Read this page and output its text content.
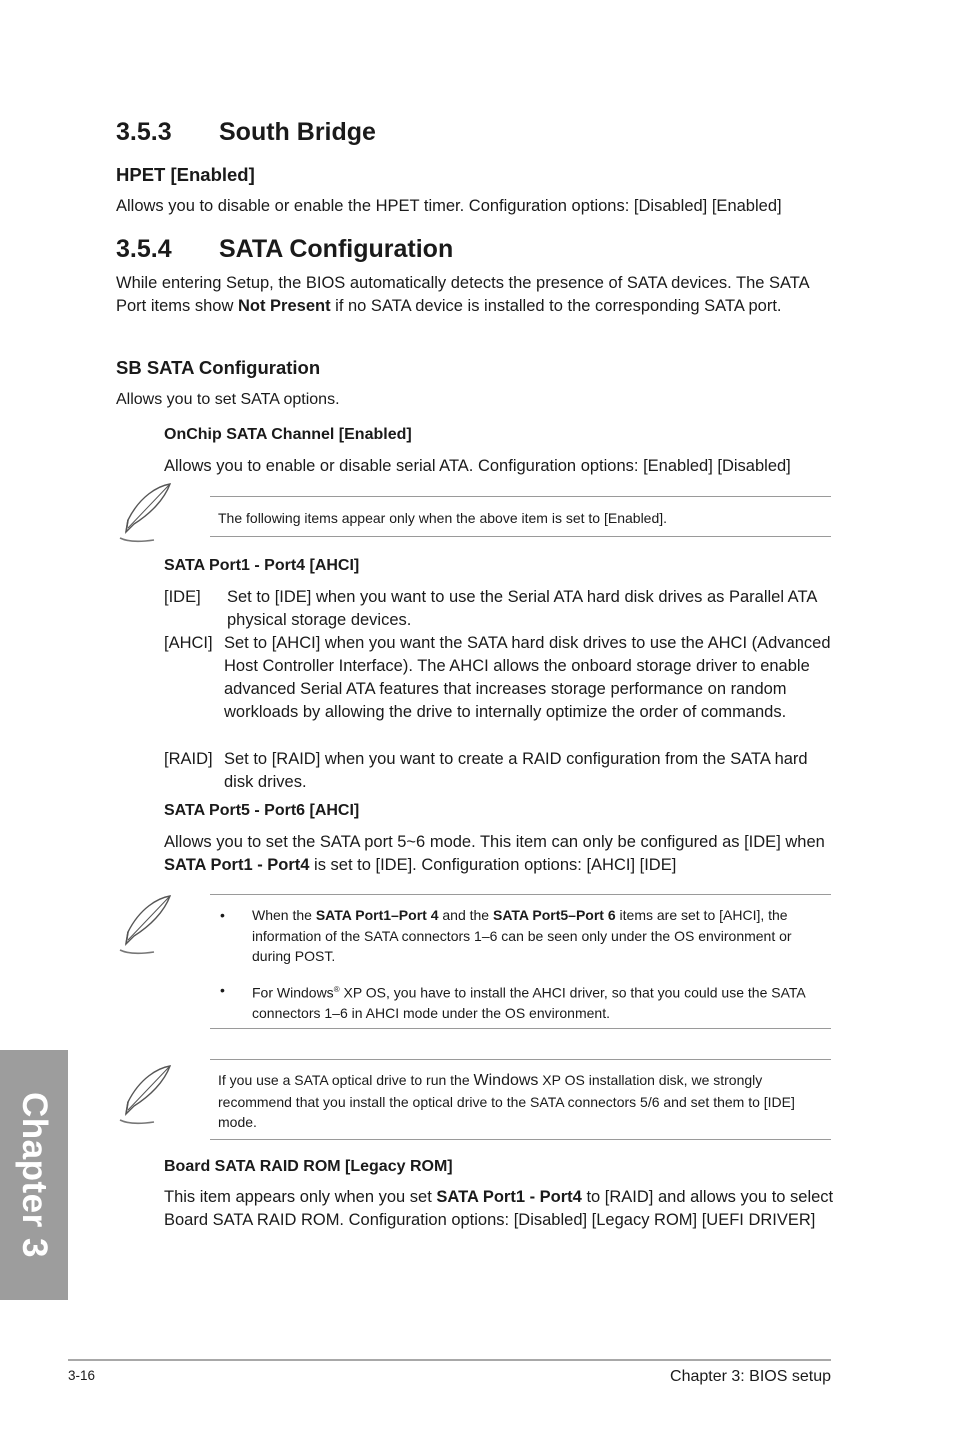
3.5.3 South Bridge
HPET [Enabled]

Allows you to disable or enable the HPET timer. Configuration options: [Disabled] [Enabled]

3.5.4 SATA Configuration

While entering Setup, the BIOS automatically detects the presence of SATA devices. The SATA Port items show Not Present if no SATA device is installed to the corresponding SATA port.

SB SATA Configuration

Allows you to set SATA options.

OnChip SATA Channel [Enabled]

Allows you to enable or disable serial ATA. Configuration options: [Enabled] [Disabled]

The following items appear only when the above item is set to [Enabled].

SATA Port1 - Port4 [AHCI]
[IDE] Set to [IDE] when you want to use the Serial ATA hard disk drives as Parallel ATA physical storage devices.
[AHCI] Set to [AHCI] when you want the SATA hard disk drives to use the AHCI (Advanced Host Controller Interface). The AHCI allows the onboard storage driver to enable advanced Serial ATA features that increases storage performance on random workloads by allowing the drive to internally optimize the order of commands.
[RAID] Set to [RAID] when you want to create a RAID configuration from the SATA hard disk drives.
SATA Port5 - Port6 [AHCI]

Allows you to set the SATA port 5~6 mode. This item can only be configured as [IDE] when SATA Port1 - Port4 is set to [IDE]. Configuration options: [AHCI] [IDE]

• When the SATA Port1–Port 4 and the SATA Port5–Port 6 items are set to [AHCI], the information of the SATA connectors 1–6 can be seen only under the OS environment or during POST.
• For Windows® XP OS, you have to install the AHCI driver, so that you could use the SATA connectors 1–6 in AHCI mode under the OS environment.

If you use a SATA optical drive to run the Windows XP OS installation disk, we strongly recommend that you install the optical drive to the SATA connectors 5/6 and set them to [IDE] mode.

Board SATA RAID ROM [Legacy ROM]

This item appears only when you set SATA Port1 - Port4 to [RAID] and allows you to select Board SATA RAID ROM. Configuration options: [Disabled] [Legacy ROM] [UEFI DRIVER]

Chapter 3
3-16	Chapter 3: BIOS setup
